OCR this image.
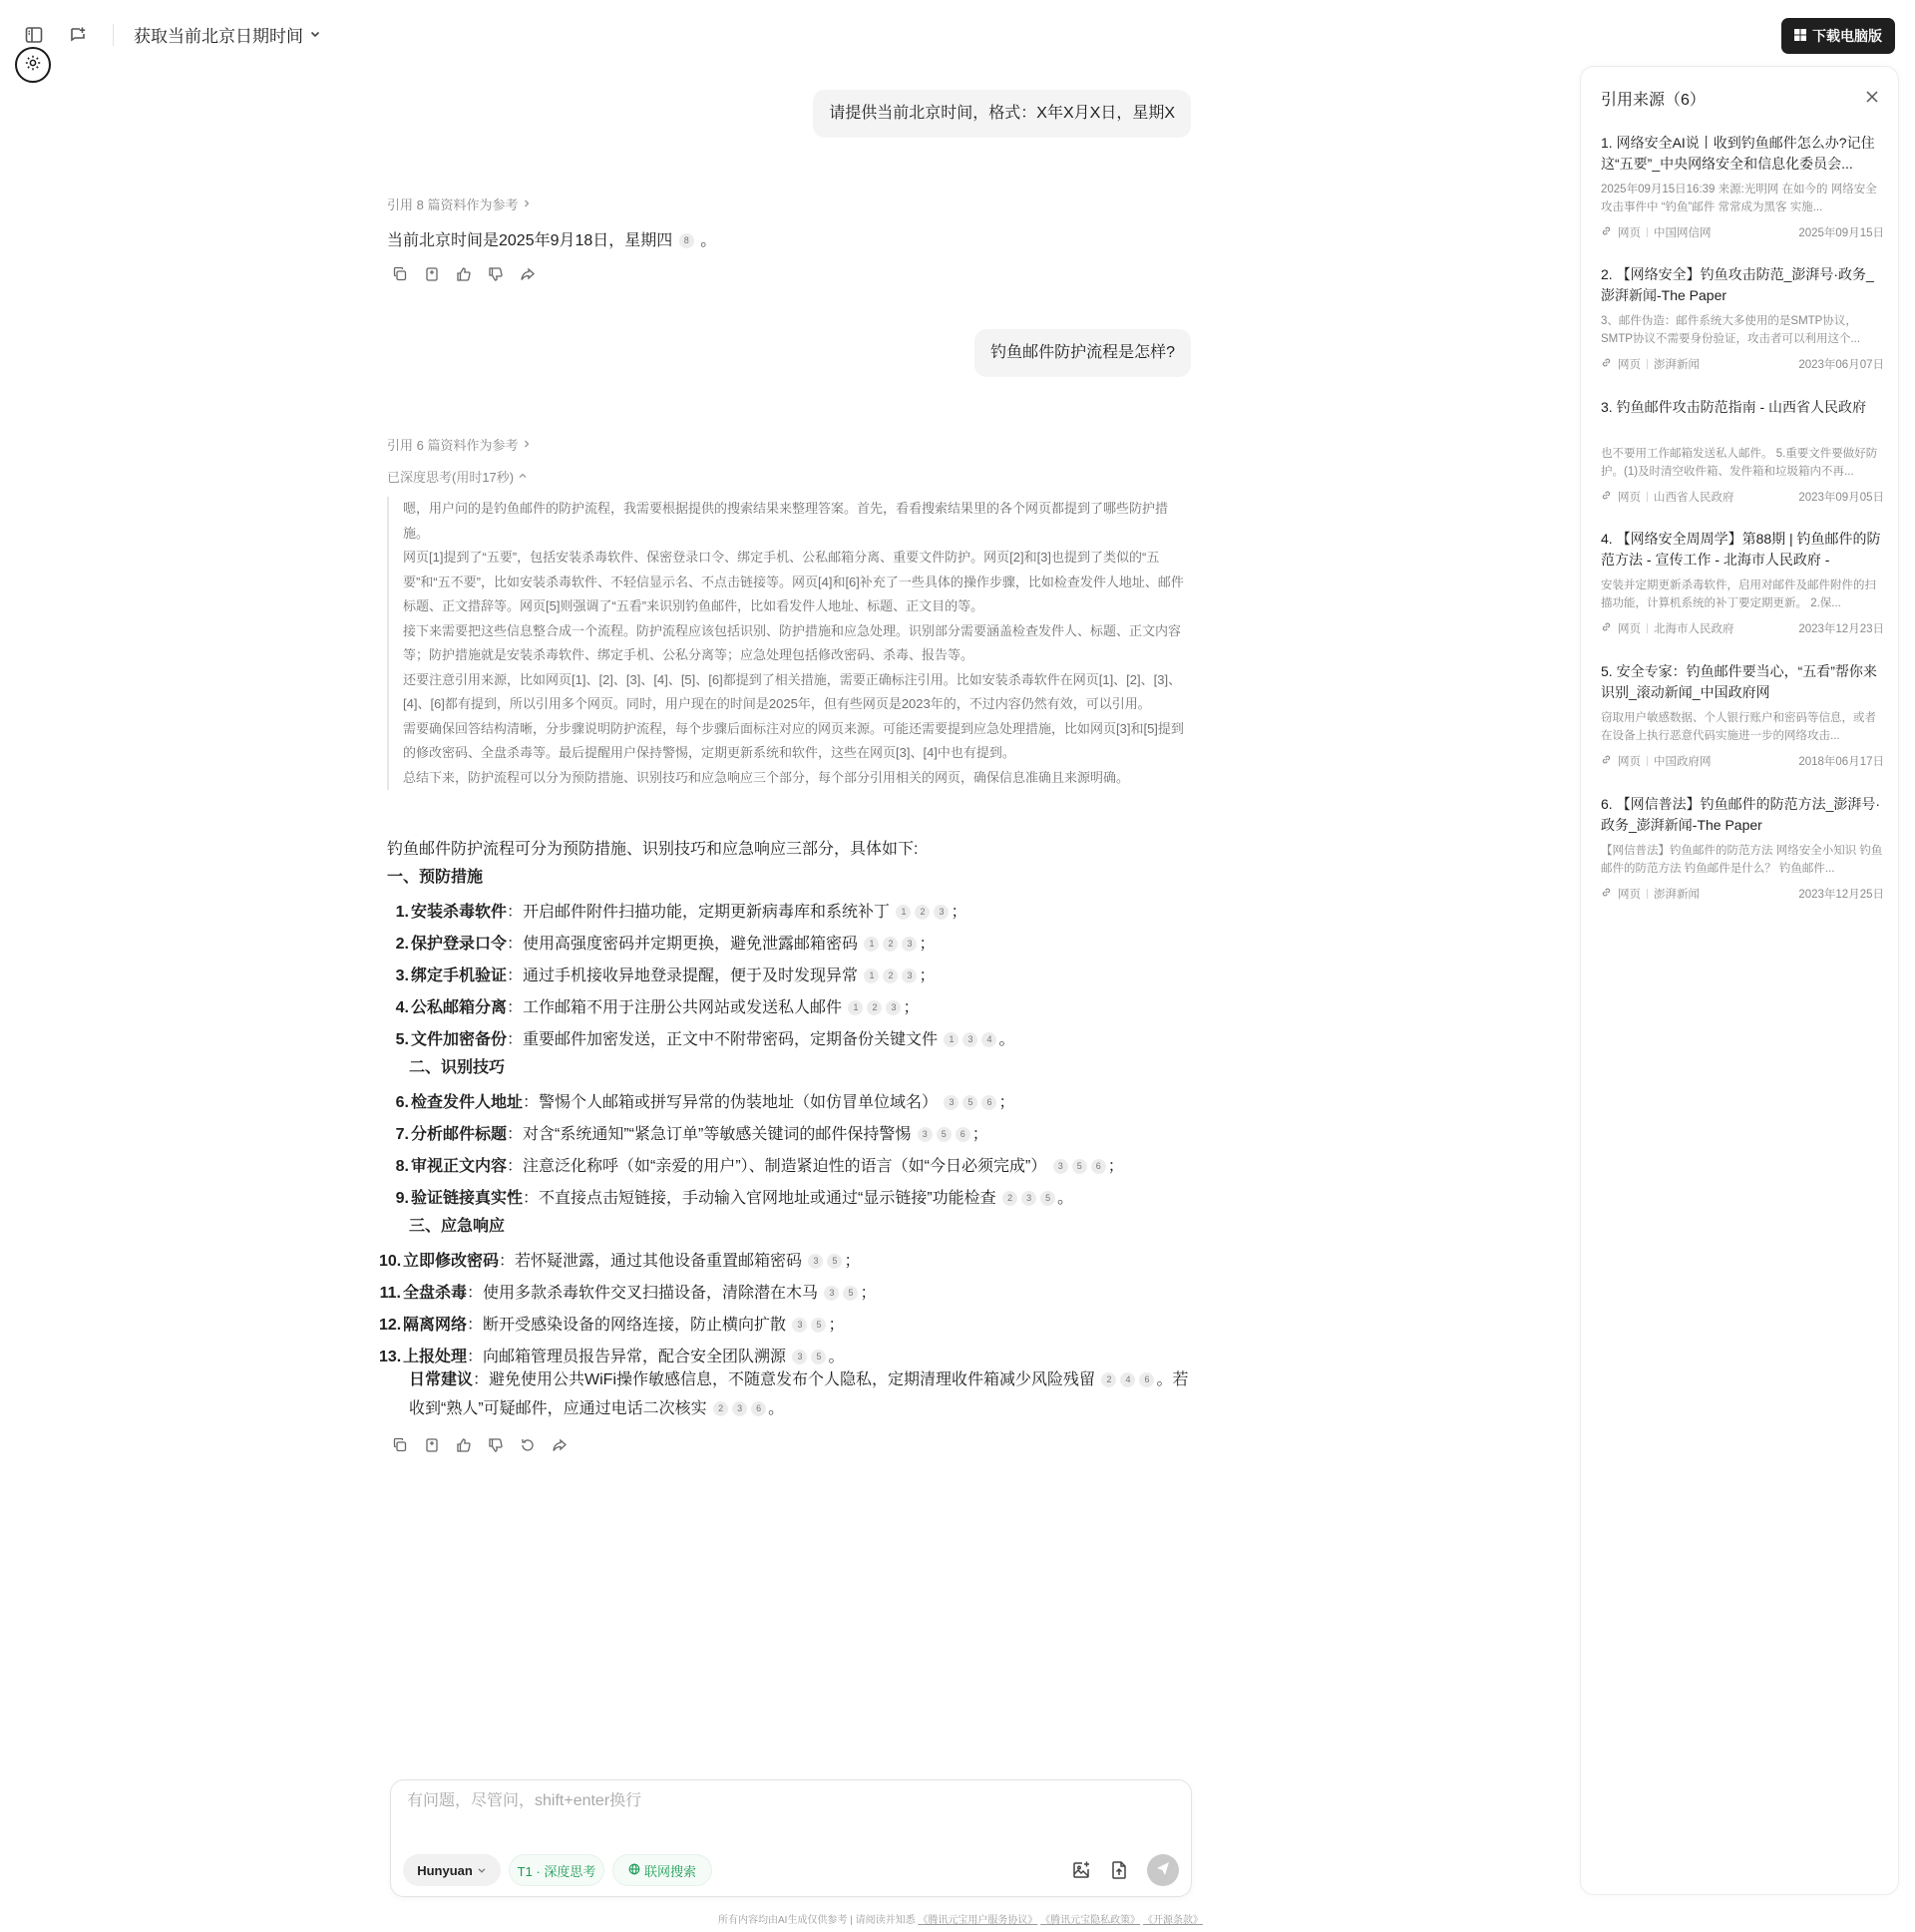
获取当前北京日期时间	下载电脑版
请提供当前北京时间，格式：X年X月X日，星期X
引用 8 篇资料作为参考
当前北京时间是2025年9月18日，星期四 8 。
钓鱼邮件防护流程是怎样?
引用 6 篇资料作为参考
已深度思考(用时17秒)

嗯，用户问的是钓鱼邮件的防护流程，我需要根据提供的搜索结果来整理答案。首先，看看搜索结果里的各个网页都提到了哪些防护措施。

网页[1]提到了“五要”，包括安装杀毒软件、保密登录口令、绑定手机、公私邮箱分离、重要文件防护。网页[2]和[3]也提到了类似的“五要”和“五不要”，比如安装杀毒软件、不轻信显示名、不点击链接等。网页[4]和[6]补充了一些具体的操作步骤，比如检查发件人地址、邮件标题、正文措辞等。网页[5]则强调了“五看”来识别钓鱼邮件，比如看发件人地址、标题、正文目的等。

接下来需要把这些信息整合成一个流程。防护流程应该包括识别、防护措施和应急处理。识别部分需要涵盖检查发件人、标题、正文内容等；防护措施就是安装杀毒软件、绑定手机、公私分离等；应急处理包括修改密码、杀毒、报告等。

还要注意引用来源，比如网页[1]、[2]、[3]、[4]、[5]、[6]都提到了相关措施，需要正确标注引用。比如安装杀毒软件在网页[1]、[2]、[3]、[4]、[6]都有提到，所以引用多个网页。同时，用户现在的时间是2025年，但有些网页是2023年的，不过内容仍然有效，可以引用。

需要确保回答结构清晰，分步骤说明防护流程，每个步骤后面标注对应的网页来源。可能还需要提到应急处理措施，比如网页[3]和[5]提到的修改密码、全盘杀毒等。最后提醒用户保持警惕，定期更新系统和软件，这些在网页[3]、[4]中也有提到。

总结下来，防护流程可以分为预防措施、识别技巧和应急响应三个部分，每个部分引用相关的网页，确保信息准确且来源明确。

钓鱼邮件防护流程可分为预防措施、识别技巧和应急响应三部分，具体如下:
一、预防措施
1. 安装杀毒软件：开启邮件附件扫描功能，定期更新病毒库和系统补丁 1 2 3 ；
2. 保护登录口令：使用高强度密码并定期更换，避免泄露邮箱密码 1 2 3 ；
3. 绑定手机验证：通过手机接收异地登录提醒，便于及时发现异常 1 2 3 ；
4. 公私邮箱分离：工作邮箱不用于注册公共网站或发送私人邮件 1 2 3 ；
5. 文件加密备份：重要邮件加密发送，正文中不附带密码，定期备份关键文件 1 3 4 。
二、识别技巧
6. 检查发件人地址：警惕个人邮箱或拼写异常的伪装地址（如仿冒单位域名） 3 5 6 ；
7. 分析邮件标题：对含“系统通知”“紧急订单”等敏感关键词的邮件保持警惕 3 5 6 ；
8. 审视正文内容：注意泛化称呼（如“亲爱的用户”）、制造紧迫性的语言（如“今日必须完成”） 3 5 6 ；
9. 验证链接真实性：不直接点击短链接，手动输入官网地址或通过“显示链接”功能检查 2 3 5 。
三、应急响应
10. 立即修改密码：若怀疑泄露，通过其他设备重置邮箱密码 3 5 ；
11. 全盘杀毒：使用多款杀毒软件交叉扫描设备，清除潜在木马 3 5 ；
12. 隔离网络：断开受感染设备的网络连接，防止横向扩散 3 5 ；
13. 上报处理：向邮箱管理员报告异常，配合安全团队溯源 3 5 。
日常建议：避免使用公共WiFi操作敏感信息，不随意发布个人隐私，定期清理收件箱减少风险残留 2 4 6 。若收到“熟人”可疑邮件，应通过电话二次核实 2 3 6 。
有问题，尽管问，shift+enter换行
Hunyuan	T1 · 深度思考	联网搜索
所有内容均由AI生成仅供参考 | 请阅读并知悉 《腾讯元宝用户服务协议》 《腾讯元宝隐私政策》 《开源条款》
引用来源（6）
1. 网络安全AI说丨收到钓鱼邮件怎么办?记住这“五要”_中央网络安全和信息化委员会...
2025年09月15日16:39 来源:光明网 在如今的 网络安全攻击事件中 “钓鱼”邮件 常常成为黑客 实施...
网页 中国网信网	2025年09月15日
2. 【网络安全】钓鱼攻击防范_澎湃号·政务_澎湃新闻-The Paper
3、邮件伪造：邮件系统大多使用的是SMTP协议，SMTP协议不需要身份验证，攻击者可以利用这个...
网页 澎湃新闻	2023年06月07日
3. 钓鱼邮件攻击防范指南 - 山西省人民政府
也不要用工作邮箱发送私人邮件。 5.重要文件要做好防护。(1)及时清空收件箱、发件箱和垃圾箱内不再...
网页 山西省人民政府	2023年09月05日
4. 【网络安全周周学】第88期 | 钓鱼邮件的防范方法 - 宣传工作 - 北海市人民政府 -
安装并定期更新杀毒软件，启用对邮件及邮件附件的扫描功能，计算机系统的补丁要定期更新。 2.保...
网页 北海市人民政府	2023年12月23日
5. 安全专家：钓鱼邮件要当心，“五看”帮你来识别_滚动新闻_中国政府网
窃取用户敏感数据、个人银行账户和密码等信息，或者在设备上执行恶意代码实施进一步的网络攻击...
网页 中国政府网	2018年06月17日
6. 【网信普法】钓鱼邮件的防范方法_澎湃号·政务_澎湃新闻-The Paper
【网信普法】钓鱼邮件的防范方法 网络安全小知识 钓鱼邮件的防范方法 钓鱼邮件是什么？ 钓鱼邮件...
网页 澎湃新闻	2023年12月25日
